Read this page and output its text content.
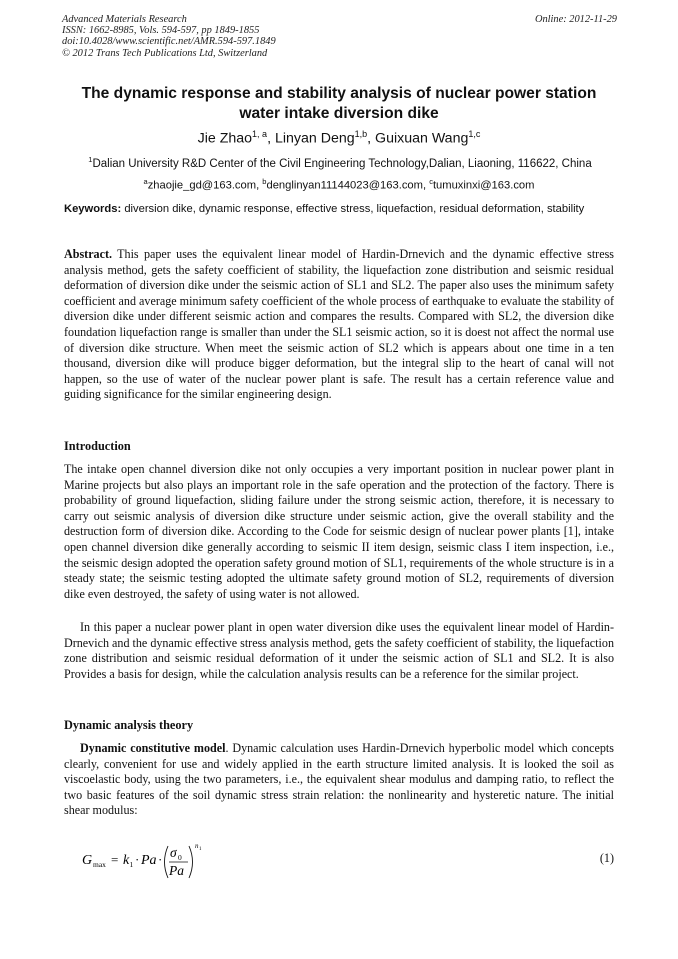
Advanced Materials Research
ISSN: 1662-8985, Vols. 594-597, pp 1849-1855
doi:10.4028/www.scientific.net/AMR.594-597.1849
© 2012 Trans Tech Publications Ltd, Switzerland
Online: 2012-11-29
The dynamic response and stability analysis of nuclear power station
water intake diversion dike
Jie Zhao$^{1, a}$, Linyan Deng$^{1,b}$, Guixuan Wang$^{1,c}$
$^1$Dalian University R&D Center of the Civil Engineering Technology,Dalian, Liaoning, 116622, China
$^a$zhaojie_gd@163.com, $^b$denglinyan11144023@163.com, $^c$tumuxinxi@163.com
Keywords: diversion dike, dynamic response, effective stress, liquefaction, residual deformation, stability
Abstract. This paper uses the equivalent linear model of Hardin-Drnevich and the dynamic effective stress analysis method, gets the safety coefficient of stability, the liquefaction zone distribution and seismic residual deformation of diversion dike under the seismic action of SL1 and SL2. The paper also uses the minimum safety coefficient and average minimum safety coefficient of the whole process of earthquake to evaluate the stability of diversion dike under different seismic action and compares the results. Compared with SL2, the diversion dike foundation liquefaction range is smaller than under the SL1 seismic action, so it is doest not affect the normal use of diversion dike structure. When meet the seismic action of SL2 which is appears about one time in a ten thousand, diversion dike will produce bigger deformation, but the integral slip to the heart of canal will not happen, so the use of water of the nuclear power plant is safe. The result has a certain reference value and guiding significance for the similar engineering design.
Introduction
The intake open channel diversion dike not only occupies a very important position in nuclear power plant in Marine projects but also plays an important role in the safe operation and the protection of the factory. There is probability of ground liquefaction, sliding failure under the strong seismic action, therefore, it is necessary to carry out seismic analysis of diversion dike structure under seismic action, give the overall stability and the destruction form of diversion dike. According to the Code for seismic design of nuclear power plants [1], intake open channel diversion dike generally according to seismic II item design, seismic class I item inspection, i.e., the seismic design adopted the operation safety ground motion of SL1, requirements of the whole structure is in a steady state; the seismic testing adopted the ultimate safety ground motion of SL2, requirements of diversion dike even destroyed, the safety of using water is not allowed.
In this paper a nuclear power plant in open water diversion dike uses the equivalent linear model of Hardin-Drnevich and the dynamic effective stress analysis method, gets the safety coefficient of stability, the liquefaction zone distribution and seismic residual deformation of it under the seismic action of SL1 and SL2. It is also Provides a basis for design, while the calculation analysis results can be a reference for the similar project.
Dynamic analysis theory
Dynamic constitutive model. Dynamic calculation uses Hardin-Drnevich hyperbolic model which concepts clearly, convenient for use and widely applied in the earth structure limited analysis. It is looked the soil as viscoelastic body, using the two parameters, i.e., the equivalent shear modulus and damping ratio, to reflect the two basic features of the soil dynamic stress strain relation: the nonlinearity and hysteretic nature. The initial shear modulus:
G max = k 1 · Pa · σ 0
Pa
n 1
(1)
